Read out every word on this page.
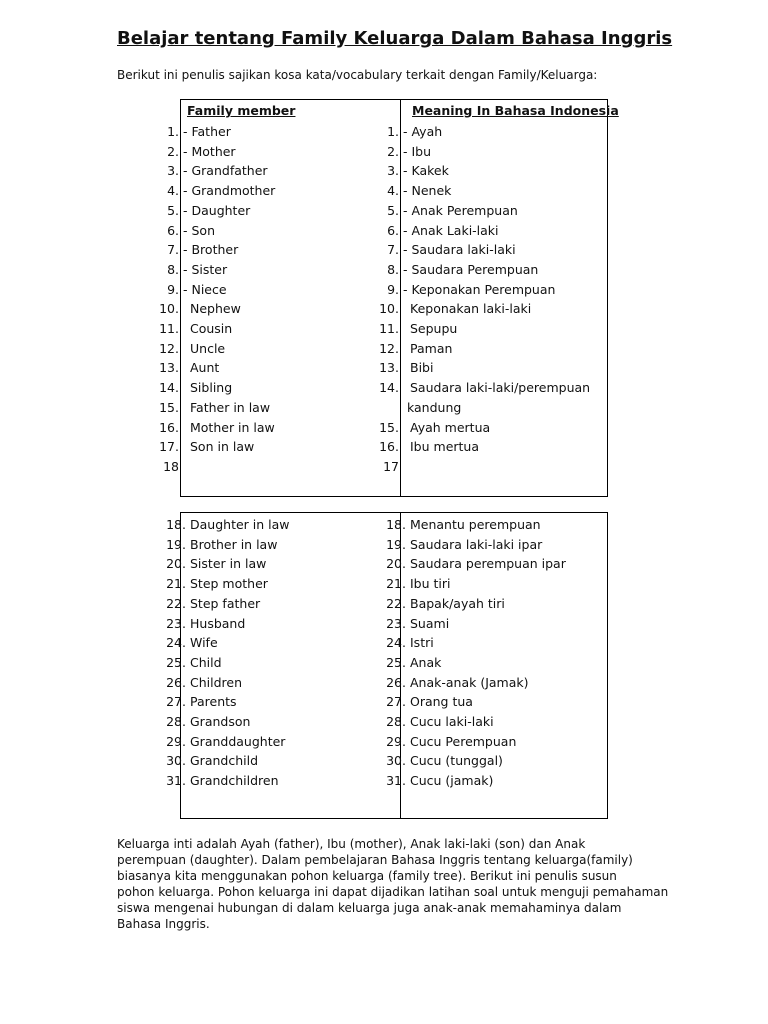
Belajar tentang Family Keluarga Dalam Bahasa Inggris
Berikut ini penulis sajikan kosa kata/vocabulary terkait dengan Family/Keluarga:
Family member	Meaning In Bahasa Indonesia
1. - Father
2. - Mother
3. - Grandfather
4. - Grandmother
5. - Daughter
6. - Son
7. - Brother
8. - Sister
9. - Niece
10. Nephew
11. Cousin
12. Uncle
13. Aunt
14. Sibling
15. Father in law
16. Mother in law
17. Son in law
18
1. - Ayah
2. - Ibu
3. - Kakek
4. - Nenek
5. - Anak Perempuan
6. - Anak Laki-laki
7. - Saudara laki-laki
8. - Saudara Perempuan
9. - Keponakan Perempuan
10. Keponakan laki-laki
11. Sepupu
12. Paman
13. Bibi
14. Saudara laki-laki/perempuan
kandung
15. Ayah mertua
16. Ibu mertua
17
18. Daughter in law
19. Brother in law
20. Sister in law
21. Step mother
22. Step father
23. Husband
24. Wife
25. Child
26. Children
27. Parents
28. Grandson
29. Granddaughter
30. Grandchild
31. Grandchildren
18. Menantu perempuan
19. Saudara laki-laki ipar
20. Saudara perempuan ipar
21. Ibu tiri
22. Bapak/ayah tiri
23. Suami
24. Istri
25. Anak
26. Anak-anak (Jamak)
27. Orang tua
28. Cucu laki-laki
29. Cucu Perempuan
30. Cucu (tunggal)
31. Cucu (jamak)
Keluarga inti adalah Ayah (father), Ibu (mother), Anak laki-laki (son) dan Anak
perempuan (daughter). Dalam pembelajaran Bahasa Inggris tentang keluarga(family)
biasanya kita menggunakan pohon keluarga (family tree). Berikut ini penulis susun
pohon keluarga. Pohon keluarga ini dapat dijadikan latihan soal untuk menguji pemahaman
siswa mengenai hubungan di dalam keluarga juga anak-anak memahaminya dalam
Bahasa Inggris.
